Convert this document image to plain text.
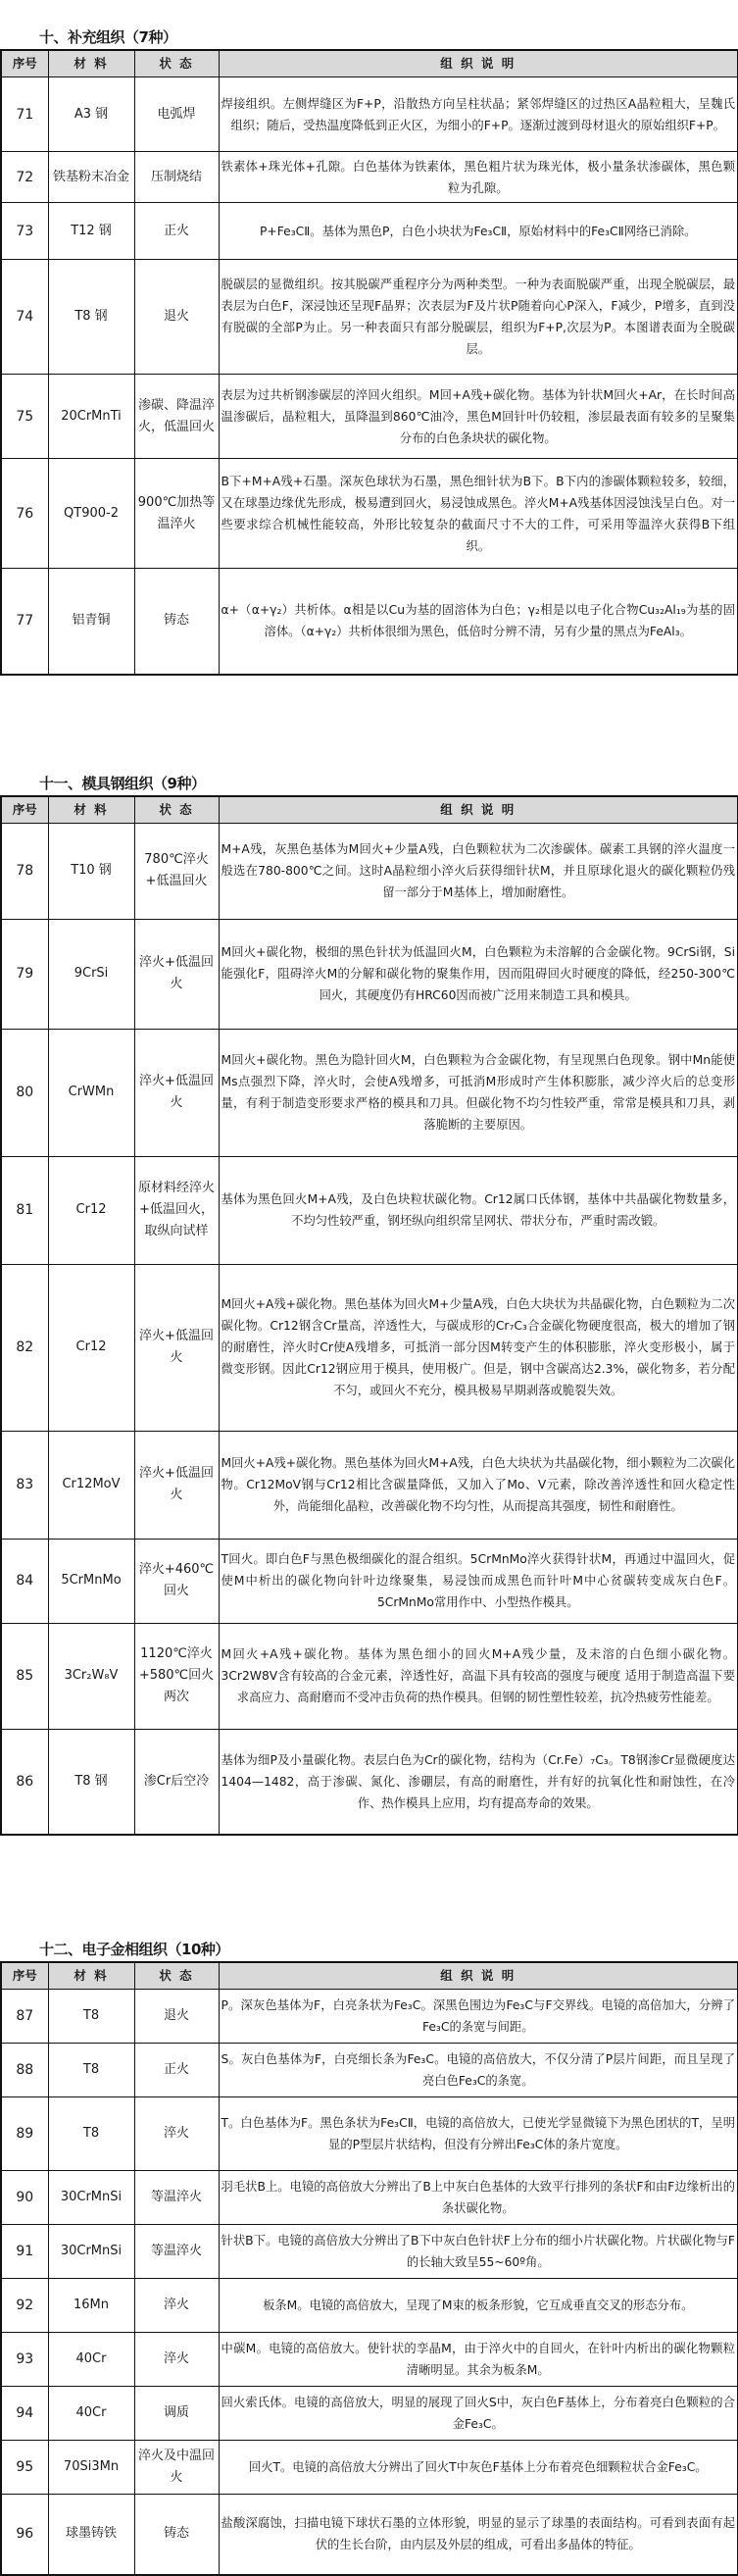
十、补充组织（7种）
序号	材 料	状 态	组 织 说 明
71	A3 钢	电弧焊	焊接组织。左侧焊缝区为F+P，沿散热方向呈柱状晶；紧邻焊缝区的过热区A晶粒粗大，呈魏氏组织；随后，受热温度降低到正火区，为细小的F+P。逐渐过渡到母材退火的原始组织F+P。
72	铁基粉末冶金	压制烧结	铁素体+珠光体+孔隙。白色基体为铁素体，黑色粗片状为珠光体，极小量条状渗碳体，黑色颗粒为孔隙。
73	T12 钢	正火	P+Fe₃CⅡ。基体为黑色P，白色小块状为Fe₃CⅡ，原始材料中的Fe₃CⅡ网络已消除。
74	T8 钢	退火	脱碳层的显微组织。按其脱碳严重程序分为两种类型。一种为表面脱碳严重，出现全脱碳层，最表层为白色F，深浸蚀还呈现F晶界；次表层为F及片状P随着向心P深入，F减少，P增多，直到没有脱碳的全部P为止。另一种表面只有部分脱碳层，组织为F+P,次层为P。本图谱表面为全脱碳层。
75	20CrMnTi	渗碳、降温淬火，低温回火	表层为过共析钢渗碳层的淬回火组织。M回+A残+碳化物。基体为针状M回火+Ar，在长时间高温渗碳后，晶粒粗大，虽降温到860℃油冷，黑色M回针叶仍较粗，渗层最表面有较多的呈聚集分布的白色条块状的碳化物。
76	QT900-2	900℃加热等温淬火	B下+M+A残+石墨。深灰色球状为石墨，黑色细针状为B下。B下内的渗碳体颗粒较多，较细，又在球墨边缘优先形成，极易遭到回火，易浸蚀成黑色。淬火M+A残基体因浸蚀浅呈白色。对一些要求综合机械性能较高，外形比较复杂的截面尺寸不大的工件，可采用等温淬火获得B下组织。
77	铝青铜	铸态	α+（α+γ₂）共析体。α相是以Cu为基的固溶体为白色；γ₂相是以电子化合物Cu₃₂Al₁₉为基的固溶体。（α+γ₂）共析体很细为黑色，低倍时分辨不清，另有少量的黑点为FeAl₃。
十一、模具钢组织（9种）
序号	材 料	状 态	组 织 说 明
78	T10 钢	780℃淬火+低温回火	M+A残，灰黑色基体为M回火+少量A残，白色颗粒状为二次渗碳体。碳素工具钢的淬火温度一般选在780-800℃之间。这时A晶粒细小淬火后获得细针状M，并且原球化退火的碳化颗粒仍残留一部分于M基体上，增加耐磨性。
79	9CrSi	淬火+低温回火	M回火+碳化物，极细的黑色针状为低温回火M，白色颗粒为未溶解的合金碳化物。9CrSi钢，Si能强化F，阻碍淬火M的分解和碳化物的聚集作用，因而阻碍回火时硬度的降低，经250-300℃回火，其硬度仍有HRC60因而被广泛用来制造工具和模具。
80	CrWMn	淬火+低温回火	M回火+碳化物。黑色为隐针回火M，白色颗粒为合金碳化物，有呈现黑白色现象。钢中Mn能使Ms点强烈下降，淬火时，会使A残增多，可抵消M形成时产生体积膨胀，减少淬火后的总变形量，有利于制造变形要求严格的模具和刀具。但碳化物不均匀性较严重，常常是模具和刀具，剥落脆断的主要原因。
81	Cr12	原材料经淬火+低温回火，取纵向试样	基体为黑色回火M+A残，及白色块粒状碳化物。Cr12属口氏体钢，基体中共晶碳化物数量多，不均匀性较严重，钢坯纵向组织常呈网状、带状分布，严重时需改锻。
82	Cr12	淬火+低温回火	M回火+A残+碳化物。黑色基体为回火M+少量A残，白色大块状为共晶碳化物，白色颗粒为二次碳化物。Cr12钢含Cr量高，淬透性大，与碳成形的Cr₇C₃合金碳化物硬度很高，极大的增加了钢的耐磨性，淬火时Cr使A残增多，可抵消一部分因M转变产生的体积膨胀，淬火变形极小，属于微变形钢。因此Cr12钢应用于模具，使用极广。但是，钢中含碳高达2.3%，碳化物多，若分配不匀，或回火不充分，模具极易早期剥落或脆裂失效。
83	Cr12MoV	淬火+低温回火	M回火+A残+碳化物。黑色基体为回火M+A残，白色大块状为共晶碳化物，细小颗粒为二次碳化物。Cr12MoV钢与Cr12相比含碳量降低，又加入了Mo、V元素，除改善淬透性和回火稳定性外，尚能细化晶粒，改善碳化物不均匀性，从而提高其强度，韧性和耐磨性。
84	5CrMnMo	淬火+460℃回火	T回火。即白色F与黑色极细碳化的混合组织。5CrMnMo淬火获得针状M，再通过中温回火，促使M中析出的碳化物向针叶边缘聚集，易浸蚀而成黑色而针叶M中心贫碳转变成灰白色F。5CrMnMo常用作中、小型热作模具。
85	3Cr₂W₈V	1120℃淬火+580℃回火两次	M回火+A残+碳化物。基体为黑色细小的回火M+A残少量，及未溶的白色细小碳化物。3Cr2W8V含有较高的合金元素，淬透性好，高温下具有较高的强度与硬度 适用于制造高温下要求高应力、高耐磨而不受冲击负荷的热作模具。但钢的韧性塑性较差，抗冷热疲劳性能差。
86	T8 钢	渗Cr后空冷	基体为细P及小量碳化物。表层白色为Cr的碳化物，结构为（Cr.Fe）₇C₃。T8钢渗Cr显微硬度达1404—1482，高于渗碳、氮化、渗硼层，有高的耐磨性，并有好的抗氧化性和耐蚀性，在冷作、热作模具上应用，均有提高寿命的效果。
十二、电子金相组织（10种）
序号	材 料	状 态	组 织 说 明
87	T8	退火	P。深灰色基体为F，白亮条状为Fe₃C。深黑色围边为Fe₃C与F交界线。电镜的高倍加大，分辨了Fe₃C的条宽与间距。
88	T8	正火	S。灰白色基体为F，白亮细长条为Fe₃C。电镜的高倍放大，不仅分清了P层片间距，而且呈现了亮白色Fe₃C的条宽。
89	T8	淬火	T。白色基体为F。黑色条状为Fe₃CⅡ，电镜的高倍放大，已使光学显微镜下为黑色团状的T，呈明显的P型层片状结构，但没有分辨出Fe₃C体的条片宽度。
90	30CrMnSi	等温淬火	羽毛状B上。电镜的高倍放大分辨出了B上中灰白色基体的大致平行排列的条状F和由F边缘析出的条状碳化物。
91	30CrMnSi	等温淬火	针状B下。电镜的高倍放大分辨出了B下中灰白色针状F上分布的细小片状碳化物。片状碳化物与F的长轴大致呈55~60º角。
92	16Mn	淬火	板条M。电镜的高倍放大，呈现了M束的板条形貌，它互成垂直交叉的形态分布。
93	40Cr	淬火	中碳M。电镜的高倍放大。使针状的孪晶M，由于淬火中的自回火，在针叶内析出的碳化物颗粒清晰明显。其余为板条M。
94	40Cr	调质	回火索氏体。电镜的高倍放大，明显的展现了回火S中，灰白色F基体上，分布着亮白色颗粒的合金Fe₃C。
95	70Si3Mn	淬火及中温回火	回火T。电镜的高倍放大分辨出了回火T中灰色F基体上分布着亮色细颗粒状合金Fe₃C。
96	球墨铸铁	铸态	盐酸深腐蚀，扫描电镜下球状石墨的立体形貌，明显的显示了球墨的表面结构。可看到表面有起伏的生长台阶，由内层及外层的组成，可看出多晶体的特征。
